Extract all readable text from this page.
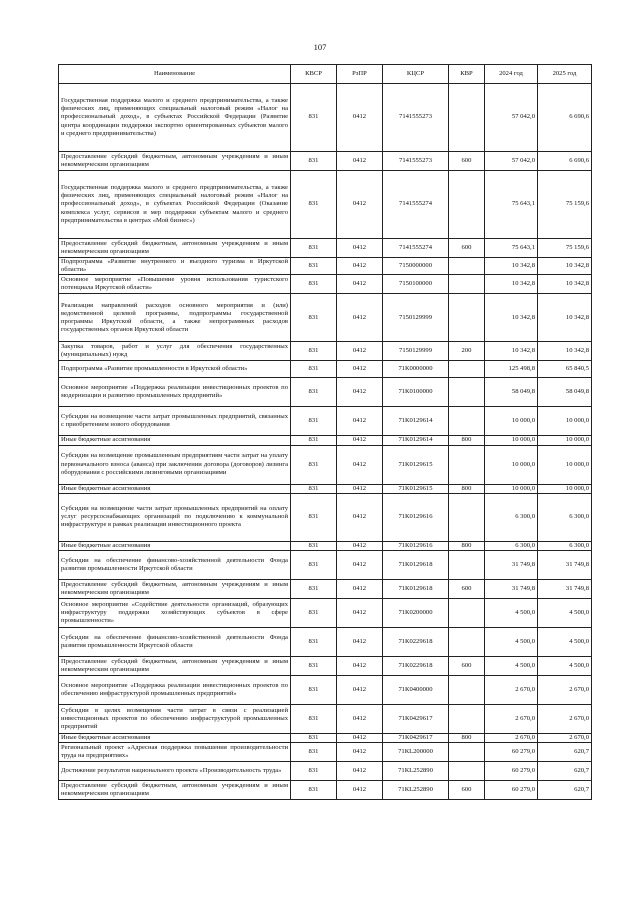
107
Наименование	КВСР	РзПР	КЦСР	КВР	2024 год	2025 год
Государственная поддержка малого и среднего предпринимательства, а также физических лиц, применяющих специальный налоговый режим «Налог на профессиональный доход», в субъектах Российской Федерации (Развитие центра координации поддержки экспортно ориентированных субъектов малого и среднего предпринимательства)	831	0412	7141555273		57 042,0	6 690,6
Предоставление субсидий бюджетным, автономным учреждениям и иным некоммерческим организациям	831	0412	7141555273	600	57 042,0	6 690,6
Государственная поддержка малого и среднего предпринимательства, а также физических лиц, применяющих специальный налоговый режим «Налог на профессиональный доход», в субъектах Российской Федерации (Оказание комплекса услуг, сервисов и мер поддержки субъектам малого и среднего предпринимательства в центрах «Мой бизнес»)	831	0412	7141555274		75 643,1	75 159,6
Предоставление субсидий бюджетным, автономным учреждениям и иным некоммерческим организациям	831	0412	7141555274	600	75 643,1	75 159,6
Подпрограмма «Развитие внутреннего и въездного туризма в Иркутской области»	831	0412	7150000000		10 342,8	10 342,8
Основное мероприятие «Повышение уровня использования туристского потенциала Иркутской области»	831	0412	7150100000		10 342,8	10 342,8
Реализация направлений расходов основного мероприятия и (или) ведомственной целевой программы, подпрограммы государственной программы Иркутской области, а также непрограммных расходов государственных органов Иркутской области	831	0412	7150129999		10 342,8	10 342,8
Закупка товаров, работ и услуг для обеспечения государственных (муниципальных) нужд	831	0412	7150129999	200	10 342,8	10 342,8
Подпрограмма «Развитие промышленности в Иркутской области»	831	0412	71К0000000		125 498,8	65 840,5
Основное мероприятие «Поддержка реализации инвестиционных проектов по модернизации и развитию промышленных предприятий»	831	0412	71К0100000		58 049,8	58 049,8
Субсидии на возмещение части затрат промышленных предприятий, связанных с приобретением нового оборудования	831	0412	71К0129614		10 000,0	10 000,0
Иные бюджетные ассигнования	831	0412	71К0129614	800	10 000,0	10 000,0
Субсидии на возмещение промышленным предприятиям части затрат на уплату первоначального взноса (аванса) при заключении договора (договоров) лизинга оборудования с российскими лизинговыми организациями	831	0412	71К0129615		10 000,0	10 000,0
Иные бюджетные ассигнования	831	0412	71К0129615	800	10 000,0	10 000,0
Субсидии на возмещение части затрат промышленных предприятий на оплату услуг ресурсоснабжающих организаций по подключению к коммунальной инфраструктуре в рамках реализации инвестиционного проекта	831	0412	71К0129616		6 300,0	6 300,0
Иные бюджетные ассигнования	831	0412	71К0129616	800	6 300,0	6 300,0
Субсидии на обеспечение финансово-хозяйственной деятельности Фонда развития промышленности Иркутской области	831	0412	71К0129618		31 749,8	31 749,8
Предоставление субсидий бюджетным, автономным учреждениям и иным некоммерческим организациям	831	0412	71К0129618	600	31 749,8	31 749,8
Основное мероприятие «Содействие деятельности организаций, образующих инфраструктуру поддержки хозяйствующих субъектов в сфере промышленности»	831	0412	71К0200000		4 500,0	4 500,0
Субсидии на обеспечение финансово-хозяйственной деятельности Фонда развития промышленности Иркутской области	831	0412	71К0229618		4 500,0	4 500,0
Предоставление субсидий бюджетным, автономным учреждениям и иным некоммерческим организациям	831	0412	71К0229618	600	4 500,0	4 500,0
Основное мероприятие «Поддержка реализации инвестиционных проектов по обеспечению инфраструктурой промышленных предприятий»	831	0412	71К0400000		2 670,0	2 670,0
Субсидии в целях возмещения части затрат в связи с реализацией инвестиционных проектов по обеспечению инфраструктурой промышленных предприятий	831	0412	71К0429617		2 670,0	2 670,0
Иные бюджетные ассигнования	831	0412	71К0429617	800	2 670,0	2 670,0
Региональный проект «Адресная поддержка повышения производительности труда на предприятиях»	831	0412	71КL200000		60 279,0	620,7
Достижение результатов национального проекта «Производительность труда»	831	0412	71КL252890		60 279,0	620,7
Предоставление субсидий бюджетным, автономным учреждениям и иным некоммерческим организациям	831	0412	71КL252890	600	60 279,0	620,7
